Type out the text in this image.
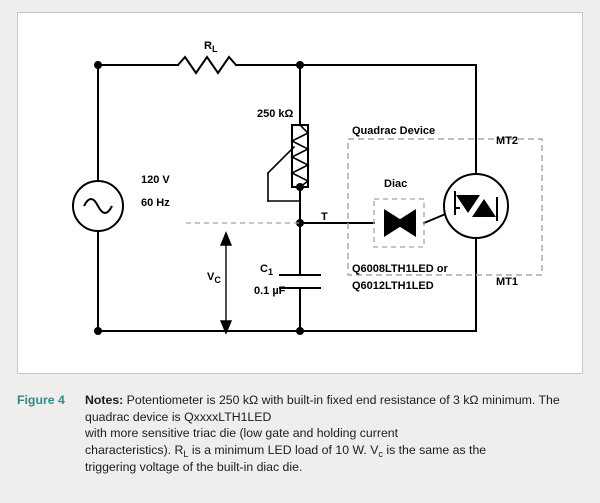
$R_L$
250 kΩ
120 V
60 Hz
$V_C$
$C_1$
0.1 µF
T
Quadrac Device
Diac
MT2
MT1
Q6008LTH1LED or
Q6012LTH1LED
Figure 4	Notes: Potentiometer is 250 kΩ with built-in fixed end resistance of 3 kΩ minimum. The quadrac device is QxxxxLTH1LED
with more sensitive triac die (low gate and holding current
characteristics). $R_L$ is a minimum LED load of 10 W. $V_c$ is the same as the
triggering voltage of the built-in diac die.
